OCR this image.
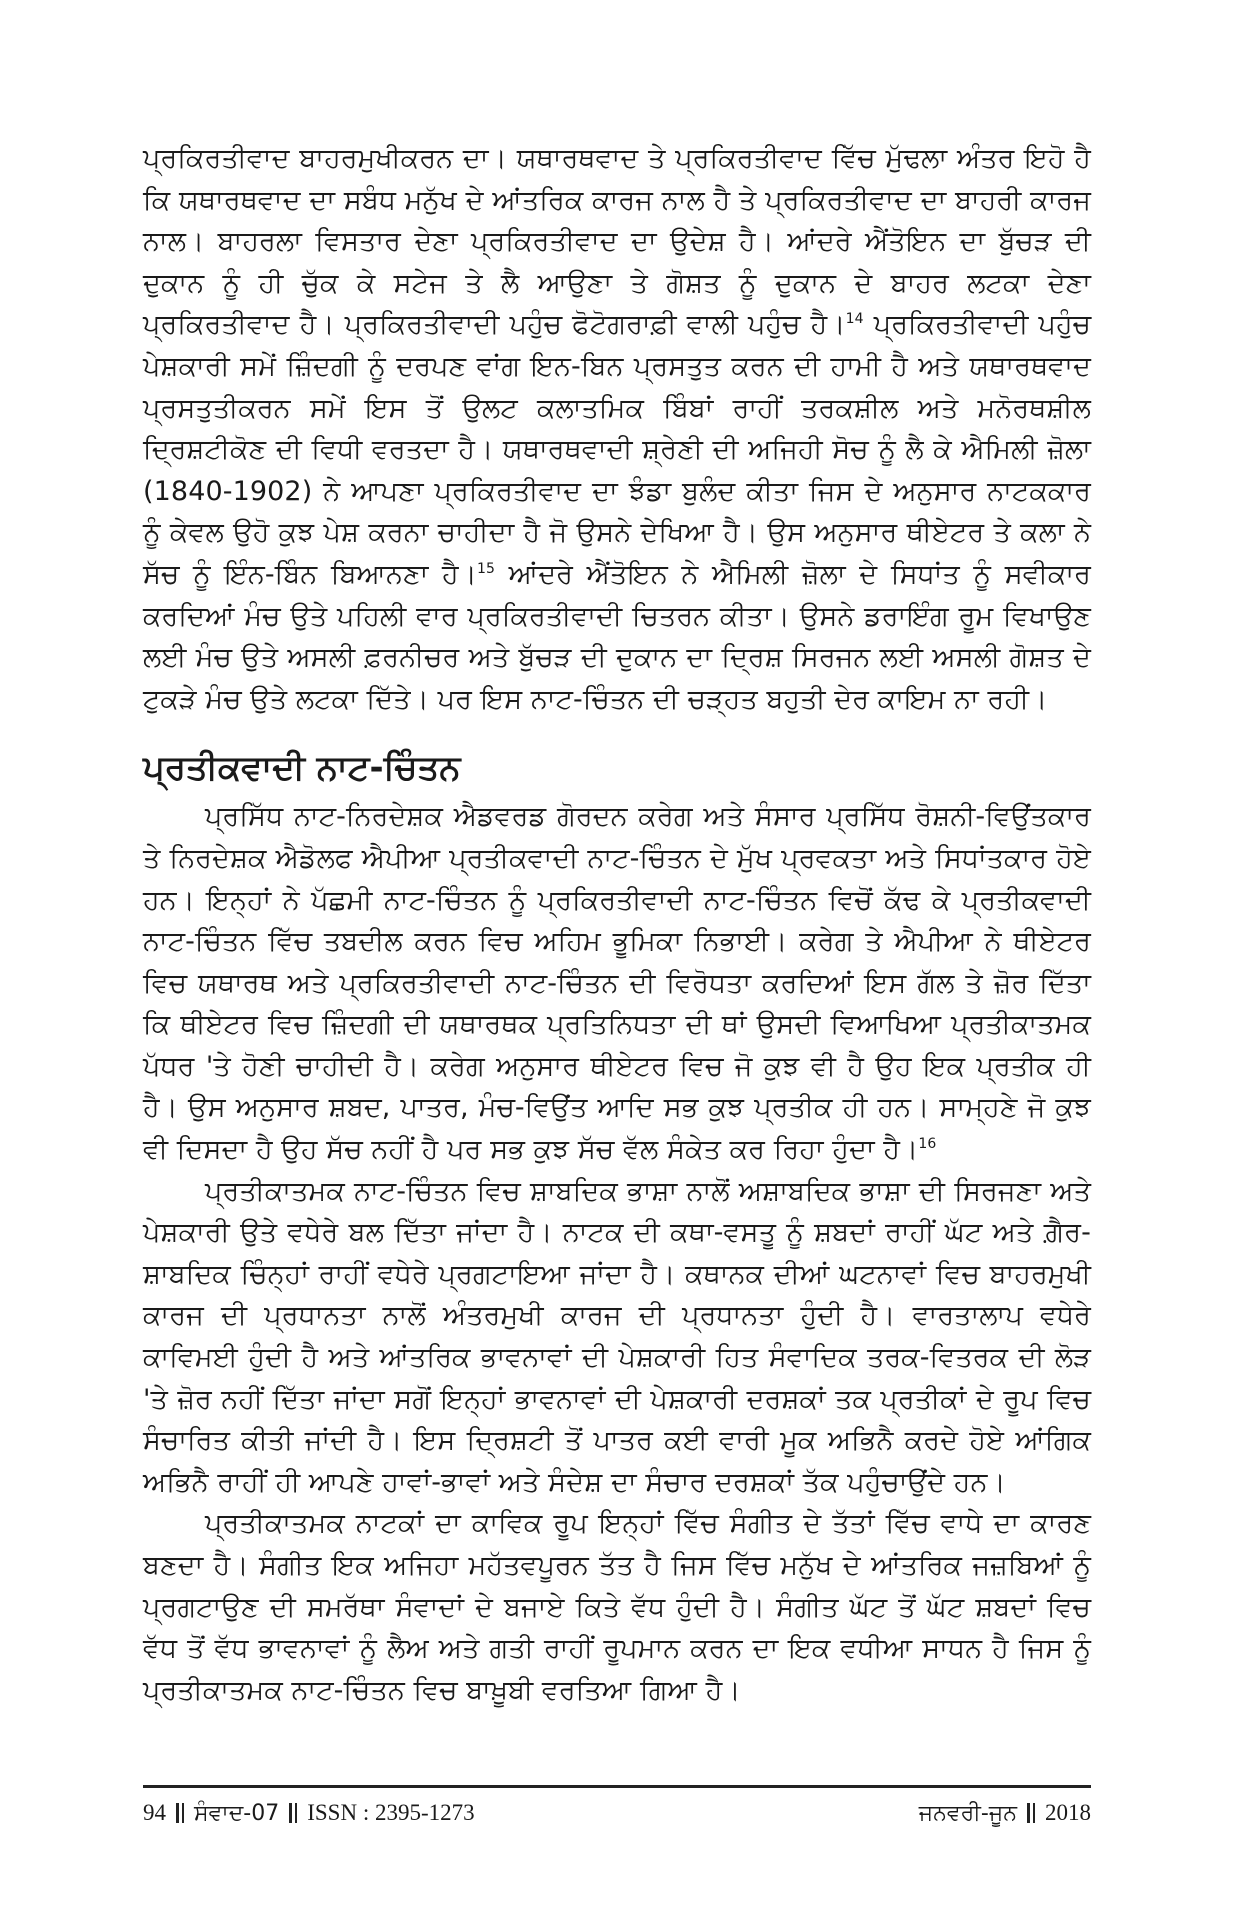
ਪ੍ਰਕਿਰਤੀਵਾਦ ਬਾਹਰਮੁਖੀਕਰਨ ਦਾ। ਯਥਾਰਥਵਾਦ ਤੇ ਪ੍ਰਕਿਰਤੀਵਾਦ ਵਿੱਚ ਮੁੱਢਲਾ ਅੰਤਰ ਇਹੋ ਹੈ ਕਿ ਯਥਾਰਥਵਾਦ ਦਾ ਸਬੰਧ ਮਨੁੱਖ ਦੇ ਆਂਤਰਿਕ ਕਾਰਜ ਨਾਲ ਹੈ ਤੇ ਪ੍ਰਕਿਰਤੀਵਾਦ ਦਾ ਬਾਹਰੀ ਕਾਰਜ ਨਾਲ। ਬਾਹਰਲਾ ਵਿਸਤਾਰ ਦੇਣਾ ਪ੍ਰਕਿਰਤੀਵਾਦ ਦਾ ਉਦੇਸ਼ ਹੈ। ਆਂਦਰੇ ਐਂਤੋਇਨ ਦਾ ਬੁੱਚੜ ਦੀ ਦੁਕਾਨ ਨੂੰ ਹੀ ਚੁੱਕ ਕੇ ਸਟੇਜ ਤੇ ਲੈ ਆਉਣਾ ਤੇ ਗੋਸ਼ਤ ਨੂੰ ਦੁਕਾਨ ਦੇ ਬਾਹਰ ਲਟਕਾ ਦੇਣਾ ਪ੍ਰਕਿਰਤੀਵਾਦ ਹੈ। ਪ੍ਰਕਿਰਤੀਵਾਦੀ ਪਹੁੰਚ ਫੋਟੋਗਰਾਫ਼ੀ ਵਾਲੀ ਪਹੁੰਚ ਹੈ।$^{14}$ ਪ੍ਰਕਿਰਤੀਵਾਦੀ ਪਹੁੰਚ ਪੇਸ਼ਕਾਰੀ ਸਮੇਂ ਜ਼ਿੰਦਗੀ ਨੂੰ ਦਰਪਣ ਵਾਂਗ ਇਨ-ਬਿਨ ਪ੍ਰਸਤੁਤ ਕਰਨ ਦੀ ਹਾਮੀ ਹੈ ਅਤੇ ਯਥਾਰਥਵਾਦ ਪ੍ਰਸਤੁਤੀਕਰਨ ਸਮੇਂ ਇਸ ਤੋਂ ਉਲਟ ਕਲਾਤਮਿਕ ਬਿੰਬਾਂ ਰਾਹੀਂ ਤਰਕਸ਼ੀਲ ਅਤੇ ਮਨੋਰਥਸ਼ੀਲ ਦ੍ਰਿਸ਼ਟੀਕੋਣ ਦੀ ਵਿਧੀ ਵਰਤਦਾ ਹੈ। ਯਥਾਰਥਵਾਦੀ ਸ਼੍ਰੇਣੀ ਦੀ ਅਜਿਹੀ ਸੋਚ ਨੂੰ ਲੈ ਕੇ ਐਮਿਲੀ ਜ਼ੋਲਾ (1840-1902) ਨੇ ਆਪਣਾ ਪ੍ਰਕਿਰਤੀਵਾਦ ਦਾ ਝੰਡਾ ਬੁਲੰਦ ਕੀਤਾ ਜਿਸ ਦੇ ਅਨੁਸਾਰ ਨਾਟਕਕਾਰ ਨੂੰ ਕੇਵਲ ਉਹੋ ਕੁਝ ਪੇਸ਼ ਕਰਨਾ ਚਾਹੀਦਾ ਹੈ ਜੋ ਉਸਨੇ ਦੇਖਿਆ ਹੈ। ਉਸ ਅਨੁਸਾਰ ਥੀਏਟਰ ਤੇ ਕਲਾ ਨੇ ਸੱਚ ਨੂੰ ਇੰਨ-ਬਿੰਨ ਬਿਆਨਣਾ ਹੈ।$^{15}$ ਆਂਦਰੇ ਐਂਤੋਇਨ ਨੇ ਐਮਿਲੀ ਜ਼ੋਲਾ ਦੇ ਸਿਧਾਂਤ ਨੂੰ ਸਵੀਕਾਰ ਕਰਦਿਆਂ ਮੰਚ ਉਤੇ ਪਹਿਲੀ ਵਾਰ ਪ੍ਰਕਿਰਤੀਵਾਦੀ ਚਿਤਰਨ ਕੀਤਾ। ਉਸਨੇ ਡਰਾਇੰਗ ਰੂਮ ਵਿਖਾਉਣ ਲਈ ਮੰਚ ਉਤੇ ਅਸਲੀ ਫ਼ਰਨੀਚਰ ਅਤੇ ਬੁੱਚੜ ਦੀ ਦੁਕਾਨ ਦਾ ਦ੍ਰਿਸ਼ ਸਿਰਜਨ ਲਈ ਅਸਲੀ ਗੋਸ਼ਤ ਦੇ ਟੁਕੜੇ ਮੰਚ ਉਤੇ ਲਟਕਾ ਦਿੱਤੇ। ਪਰ ਇਸ ਨਾਟ-ਚਿੰਤਨ ਦੀ ਚੜ੍ਹਤ ਬਹੁਤੀ ਦੇਰ ਕਾਇਮ ਨਾ ਰਹੀ।

ਪ੍ਰਤੀਕਵਾਦੀ ਨਾਟ-ਚਿੰਤਨ

ਪ੍ਰਸਿੱਧ ਨਾਟ-ਨਿਰਦੇਸ਼ਕ ਐਡਵਰਡ ਗੋਰਦਨ ਕਰੇਗ ਅਤੇ ਸੰਸਾਰ ਪ੍ਰਸਿੱਧ ਰੋਸ਼ਨੀ-ਵਿਉਂਤਕਾਰ ਤੇ ਨਿਰਦੇਸ਼ਕ ਐਡੋਲਫ ਐਪੀਆ ਪ੍ਰਤੀਕਵਾਦੀ ਨਾਟ-ਚਿੰਤਨ ਦੇ ਮੁੱਖ ਪ੍ਰਵਕਤਾ ਅਤੇ ਸਿਧਾਂਤਕਾਰ ਹੋਏ ਹਨ। ਇਨ੍ਹਾਂ ਨੇ ਪੱਛਮੀ ਨਾਟ-ਚਿੰਤਨ ਨੂੰ ਪ੍ਰਕਿਰਤੀਵਾਦੀ ਨਾਟ-ਚਿੰਤਨ ਵਿਚੋਂ ਕੱਢ ਕੇ ਪ੍ਰਤੀਕਵਾਦੀ ਨਾਟ-ਚਿੰਤਨ ਵਿੱਚ ਤਬਦੀਲ ਕਰਨ ਵਿਚ ਅਹਿਮ ਭੂਮਿਕਾ ਨਿਭਾਈ। ਕਰੇਗ ਤੇ ਐਪੀਆ ਨੇ ਥੀਏਟਰ ਵਿਚ ਯਥਾਰਥ ਅਤੇ ਪ੍ਰਕਿਰਤੀਵਾਦੀ ਨਾਟ-ਚਿੰਤਨ ਦੀ ਵਿਰੋਧਤਾ ਕਰਦਿਆਂ ਇਸ ਗੱਲ ਤੇ ਜ਼ੋਰ ਦਿੱਤਾ ਕਿ ਥੀਏਟਰ ਵਿਚ ਜ਼ਿੰਦਗੀ ਦੀ ਯਥਾਰਥਕ ਪ੍ਰਤਿਨਿਧਤਾ ਦੀ ਥਾਂ ਉਸਦੀ ਵਿਆਖਿਆ ਪ੍ਰਤੀਕਾਤਮਕ ਪੱਧਰ 'ਤੇ ਹੋਣੀ ਚਾਹੀਦੀ ਹੈ। ਕਰੇਗ ਅਨੁਸਾਰ ਥੀਏਟਰ ਵਿਚ ਜੋ ਕੁਝ ਵੀ ਹੈ ਉਹ ਇਕ ਪ੍ਰਤੀਕ ਹੀ ਹੈ। ਉਸ ਅਨੁਸਾਰ ਸ਼ਬਦ, ਪਾਤਰ, ਮੰਚ-ਵਿਉਂਤ ਆਦਿ ਸਭ ਕੁਝ ਪ੍ਰਤੀਕ ਹੀ ਹਨ। ਸਾਮ੍ਹਣੇ ਜੋ ਕੁਝ ਵੀ ਦਿਸਦਾ ਹੈ ਉਹ ਸੱਚ ਨਹੀਂ ਹੈ ਪਰ ਸਭ ਕੁਝ ਸੱਚ ਵੱਲ ਸੰਕੇਤ ਕਰ ਰਿਹਾ ਹੁੰਦਾ ਹੈ।$^{16}$

ਪ੍ਰਤੀਕਾਤਮਕ ਨਾਟ-ਚਿੰਤਨ ਵਿਚ ਸ਼ਾਬਦਿਕ ਭਾਸ਼ਾ ਨਾਲੋਂ ਅਸ਼ਾਬਦਿਕ ਭਾਸ਼ਾ ਦੀ ਸਿਰਜਣਾ ਅਤੇ ਪੇਸ਼ਕਾਰੀ ਉਤੇ ਵਧੇਰੇ ਬਲ ਦਿੱਤਾ ਜਾਂਦਾ ਹੈ। ਨਾਟਕ ਦੀ ਕਥਾ-ਵਸਤੂ ਨੂੰ ਸ਼ਬਦਾਂ ਰਾਹੀਂ ਘੱਟ ਅਤੇ ਗ਼ੈਰ-ਸ਼ਾਬਦਿਕ ਚਿੰਨ੍ਹਾਂ ਰਾਹੀਂ ਵਧੇਰੇ ਪ੍ਰਗਟਾਇਆ ਜਾਂਦਾ ਹੈ। ਕਥਾਨਕ ਦੀਆਂ ਘਟਨਾਵਾਂ ਵਿਚ ਬਾਹਰਮੁਖੀ ਕਾਰਜ ਦੀ ਪ੍ਰਧਾਨਤਾ ਨਾਲੋਂ ਅੰਤਰਮੁਖੀ ਕਾਰਜ ਦੀ ਪ੍ਰਧਾਨਤਾ ਹੁੰਦੀ ਹੈ। ਵਾਰਤਾਲਾਪ ਵਧੇਰੇ ਕਾਵਿਮਈ ਹੁੰਦੀ ਹੈ ਅਤੇ ਆਂਤਰਿਕ ਭਾਵਨਾਵਾਂ ਦੀ ਪੇਸ਼ਕਾਰੀ ਹਿਤ ਸੰਵਾਦਿਕ ਤਰਕ-ਵਿਤਰਕ ਦੀ ਲੋੜ 'ਤੇ ਜ਼ੋਰ ਨਹੀਂ ਦਿੱਤਾ ਜਾਂਦਾ ਸਗੋਂ ਇਨ੍ਹਾਂ ਭਾਵਨਾਵਾਂ ਦੀ ਪੇਸ਼ਕਾਰੀ ਦਰਸ਼ਕਾਂ ਤਕ ਪ੍ਰਤੀਕਾਂ ਦੇ ਰੂਪ ਵਿਚ ਸੰਚਾਰਿਤ ਕੀਤੀ ਜਾਂਦੀ ਹੈ। ਇਸ ਦ੍ਰਿਸ਼ਟੀ ਤੋਂ ਪਾਤਰ ਕਈ ਵਾਰੀ ਮੂਕ ਅਭਿਨੈ ਕਰਦੇ ਹੋਏ ਆਂਗਿਕ ਅਭਿਨੈ ਰਾਹੀਂ ਹੀ ਆਪਣੇ ਹਾਵਾਂ-ਭਾਵਾਂ ਅਤੇ ਸੰਦੇਸ਼ ਦਾ ਸੰਚਾਰ ਦਰਸ਼ਕਾਂ ਤੱਕ ਪਹੁੰਚਾਉਂਦੇ ਹਨ।

ਪ੍ਰਤੀਕਾਤਮਕ ਨਾਟਕਾਂ ਦਾ ਕਾਵਿਕ ਰੂਪ ਇਨ੍ਹਾਂ ਵਿੱਚ ਸੰਗੀਤ ਦੇ ਤੱਤਾਂ ਵਿੱਚ ਵਾਧੇ ਦਾ ਕਾਰਣ ਬਣਦਾ ਹੈ। ਸੰਗੀਤ ਇਕ ਅਜਿਹਾ ਮਹੱਤਵਪੂਰਨ ਤੱਤ ਹੈ ਜਿਸ ਵਿੱਚ ਮਨੁੱਖ ਦੇ ਆਂਤਰਿਕ ਜਜ਼ਬਿਆਂ ਨੂੰ ਪ੍ਰਗਟਾਉਣ ਦੀ ਸਮਰੱਥਾ ਸੰਵਾਦਾਂ ਦੇ ਬਜਾਏ ਕਿਤੇ ਵੱਧ ਹੁੰਦੀ ਹੈ। ਸੰਗੀਤ ਘੱਟ ਤੋਂ ਘੱਟ ਸ਼ਬਦਾਂ ਵਿਚ ਵੱਧ ਤੋਂ ਵੱਧ ਭਾਵਨਾਵਾਂ ਨੂੰ ਲੈਅ ਅਤੇ ਗਤੀ ਰਾਹੀਂ ਰੂਪਮਾਨ ਕਰਨ ਦਾ ਇਕ ਵਧੀਆ ਸਾਧਨ ਹੈ ਜਿਸ ਨੂੰ ਪ੍ਰਤੀਕਾਤਮਕ ਨਾਟ-ਚਿੰਤਨ ਵਿਚ ਬਾਖ਼ੂਬੀ ਵਰਤਿਆ ਗਿਆ ਹੈ।

94 ਸੰਵਾਦ-07 ISSN : 2395-1273	ਜਨਵਰੀ-ਜੂਨ 2018
